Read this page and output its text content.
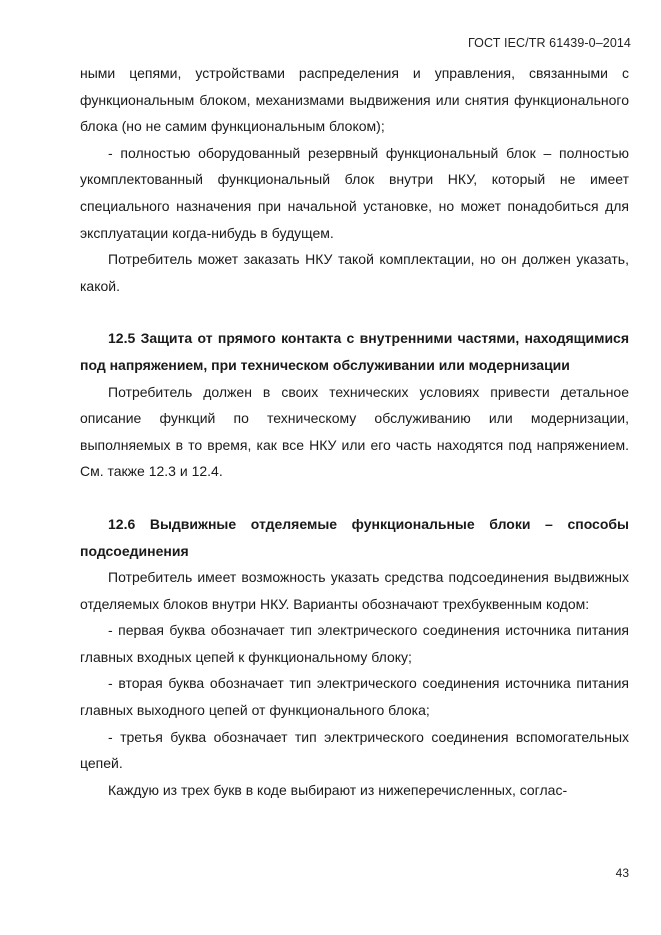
ГОСТ IEC/TR 61439-0–2014

ными цепями, устройствами распределения и управления, связанными с функциональным блоком, механизмами выдвижения или снятия функционального блока (но не самим функциональным блоком);

- полностью оборудованный резервный функциональный блок – полностью укомплектованный функциональный блок внутри НКУ, который не имеет специального назначения при начальной установке, но может понадобиться для эксплуатации когда-нибудь в будущем.

Потребитель может заказать НКУ такой комплектации, но он должен указать, какой.

12.5 Защита от прямого контакта с внутренними частями, находящимися под напряжением, при техническом обслуживании или модернизации

Потребитель должен в своих технических условиях привести детальное описание функций по техническому обслуживанию или модернизации, выполняемых в то время, как все НКУ или его часть находятся под напряжением. См. также 12.3 и 12.4.

12.6 Выдвижные отделяемые функциональные блоки – способы подсоединения

Потребитель имеет возможность указать средства подсоединения выдвижных отделяемых блоков внутри НКУ. Варианты обозначают трехбуквенным кодом:

- первая буква обозначает тип электрического соединения источника питания главных входных цепей к функциональному блоку;

- вторая буква обозначает тип электрического соединения источника питания главных выходного цепей от функционального блока;

- третья буква обозначает тип электрического соединения вспомогательных цепей.

Каждую из трех букв в коде выбирают из нижеперечисленных, соглас-

43
